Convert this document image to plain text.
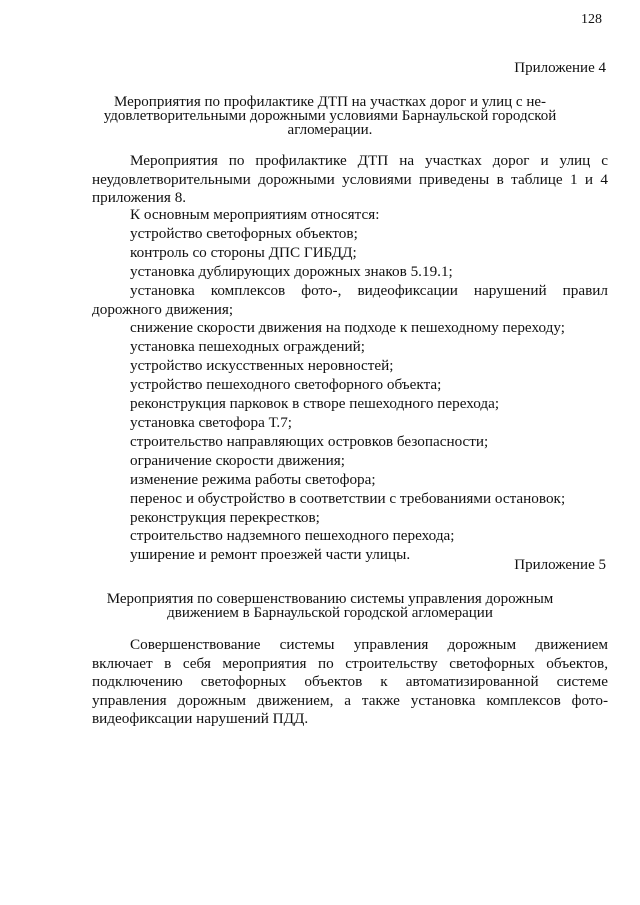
128
Приложение 4
Мероприятия по профилактике ДТП на участках дорог и улиц с не-удовлетворительными дорожными условиями Барнаульской городской агломерации.

Мероприятия по профилактике ДТП на участках дорог и улиц с неудовлетворительными дорожными условиями приведены в таблице 1 и 4 приложения 8.

К основным мероприятиям относятся:
устройство светофорных объектов;
контроль со стороны ДПС ГИБДД;
установка дублирующих дорожных знаков 5.19.1;
установка комплексов фото-, видеофиксации нарушений правил дорожного движения;
снижение скорости движения на подходе к пешеходному переходу;
установка пешеходных ограждений;
устройство искусственных неровностей;
устройство пешеходного светофорного объекта;
реконструкция парковок в створе пешеходного перехода;
установка светофора Т.7;
строительство направляющих островков безопасности;
ограничение скорости движения;
изменение режима работы светофора;
перенос и обустройство в соответствии с требованиями остановок;
реконструкция перекрестков;
строительство надземного пешеходного перехода;
уширение и ремонт проезжей части улицы.
Приложение 5
Мероприятия по совершенствованию системы управления дорожным движением в Барнаульской городской агломерации

Совершенствование системы управления дорожным движением включает в себя мероприятия по строительству светофорных объектов, подключению светофорных объектов к автоматизированной системе управления дорожным движением, а также установка комплексов фото- видеофиксации нарушений ПДД.
